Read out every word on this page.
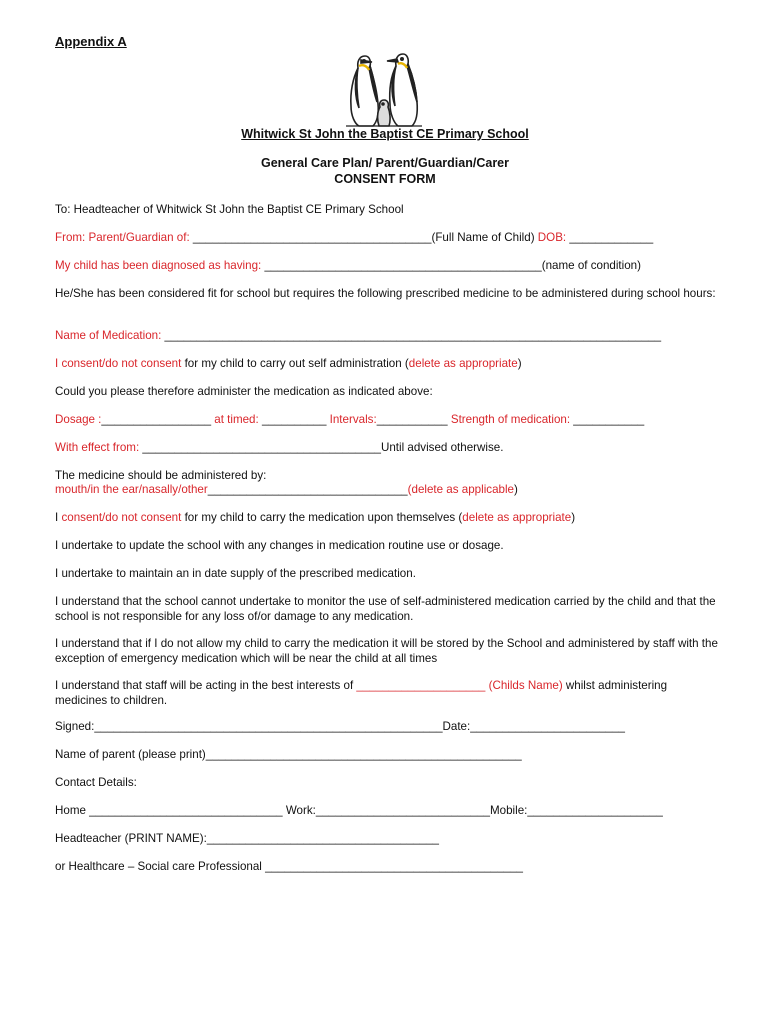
Appendix A
Whitwick St John the Baptist CE Primary School
General Care Plan/ Parent/Guardian/Carer
CONSENT FORM
To: Headteacher of Whitwick St John the Baptist CE Primary School
From: Parent/Guardian of: _____________________________________(Full Name of Child) DOB: _____________
My child has been diagnosed as having: ___________________________________________(name of condition)
He/She has been considered fit for school but requires the following prescribed medicine to be administered during school hours:
Name of Medication: _____________________________________________________________________________
I consent/do not consent for my child to carry out self administration (delete as appropriate)
Could you please therefore administer the medication as indicated above:
Dosage :_________________ at timed: __________ Intervals:___________ Strength of medication: ___________
With effect from: _____________________________________Until advised otherwise.
The medicine should be administered by:
mouth/in the ear/nasally/other_______________________________(delete as applicable)
I consent/do not consent for my child to carry the medication upon themselves (delete as appropriate)
I undertake to update the school with any changes in medication routine use or dosage.
I undertake to maintain an in date supply of the prescribed medication.
I understand that the school cannot undertake to monitor the use of self-administered medication carried by the child and that the school is not responsible for any loss of/or damage to any medication.
I understand that if I do not allow my child to carry the medication it will be stored by the School and administered by staff with the exception of emergency medication which will be near the child at all times
I understand that staff will be acting in the best interests of ____________________ (Childs Name) whilst administering medicines to children.
Signed:______________________________________________________Date:________________________
Name of parent (please print)_________________________________________________
Contact Details:
Home ______________________________ Work:___________________________Mobile:_____________________
Headteacher (PRINT NAME):____________________________________
or Healthcare – Social care Professional ________________________________________
